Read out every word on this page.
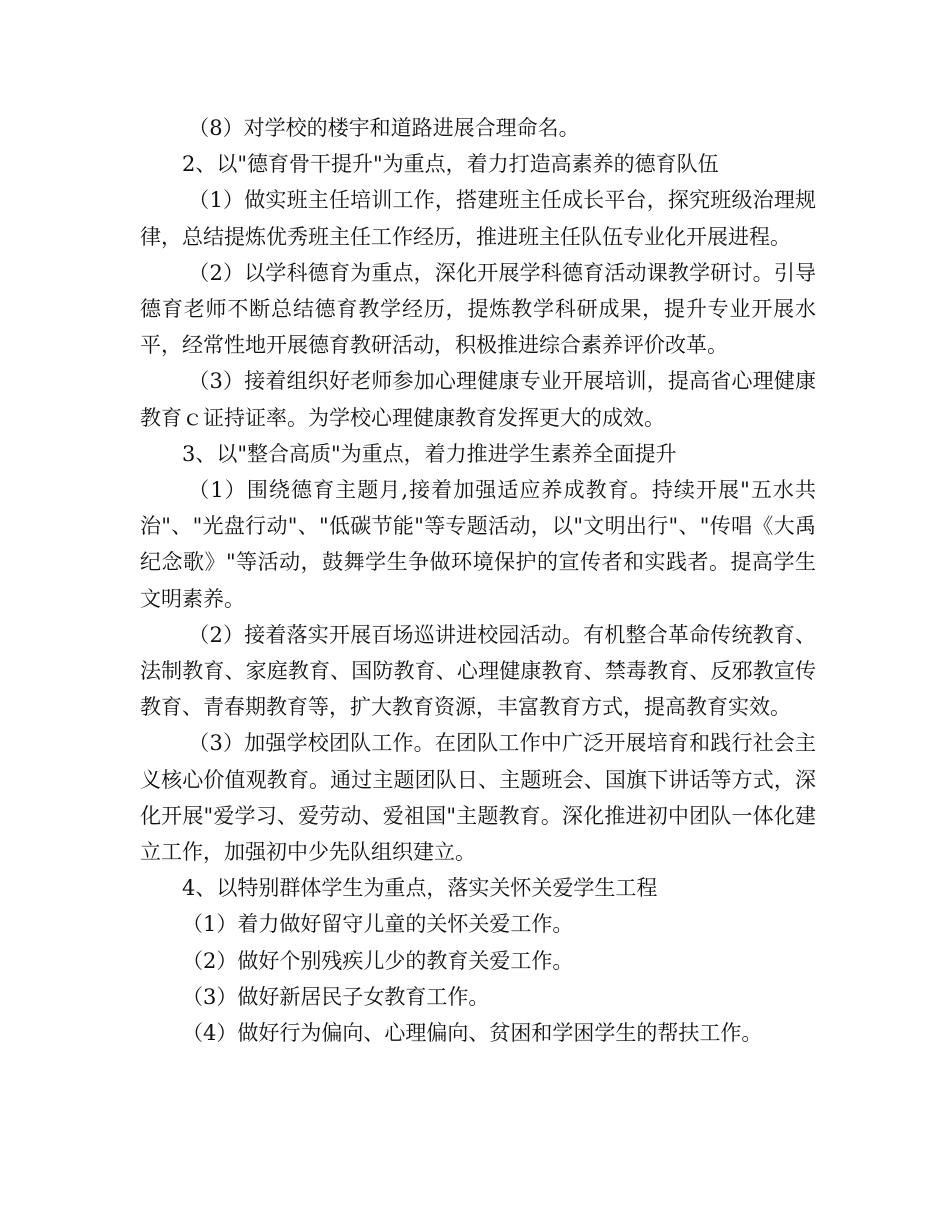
（8）对学校的楼宇和道路进展合理命名。

2、以"德育骨干提升"为重点，着力打造高素养的德育队伍

（1）做实班主任培训工作，搭建班主任成长平台，探究班级治理规律，总结提炼优秀班主任工作经历，推进班主任队伍专业化开展进程。

（2）以学科德育为重点，深化开展学科德育活动课教学研讨。引导德育老师不断总结德育教学经历，提炼教学科研成果，提升专业开展水平，经常性地开展德育教研活动，积极推进综合素养评价改革。

（3）接着组织好老师参加心理健康专业开展培训，提高省心理健康教育ｃ证持证率。为学校心理健康教育发挥更大的成效。

3、以"整合高质"为重点，着力推进学生素养全面提升

（1）围绕德育主题月,接着加强适应养成教育。持续开展"五水共治"、"光盘行动"、"低碳节能"等专题活动，以"文明出行"、"传唱《大禹纪念歌》"等活动，鼓舞学生争做环境保护的宣传者和实践者。提高学生文明素养。

（2）接着落实开展百场巡讲进校园活动。有机整合革命传统教育、法制教育、家庭教育、国防教育、心理健康教育、禁毒教育、反邪教宣传教育、青春期教育等，扩大教育资源，丰富教育方式，提高教育实效。

（3）加强学校团队工作。在团队工作中广泛开展培育和践行社会主义核心价值观教育。通过主题团队日、主题班会、国旗下讲话等方式，深化开展"爱学习、爱劳动、爱祖国"主题教育。深化推进初中团队一体化建立工作，加强初中少先队组织建立。

4、以特别群体学生为重点，落实关怀关爱学生工程

（1）着力做好留守儿童的关怀关爱工作。

（2）做好个别残疾儿少的教育关爱工作。

（3）做好新居民子女教育工作。

（4）做好行为偏向、心理偏向、贫困和学困学生的帮扶工作。
